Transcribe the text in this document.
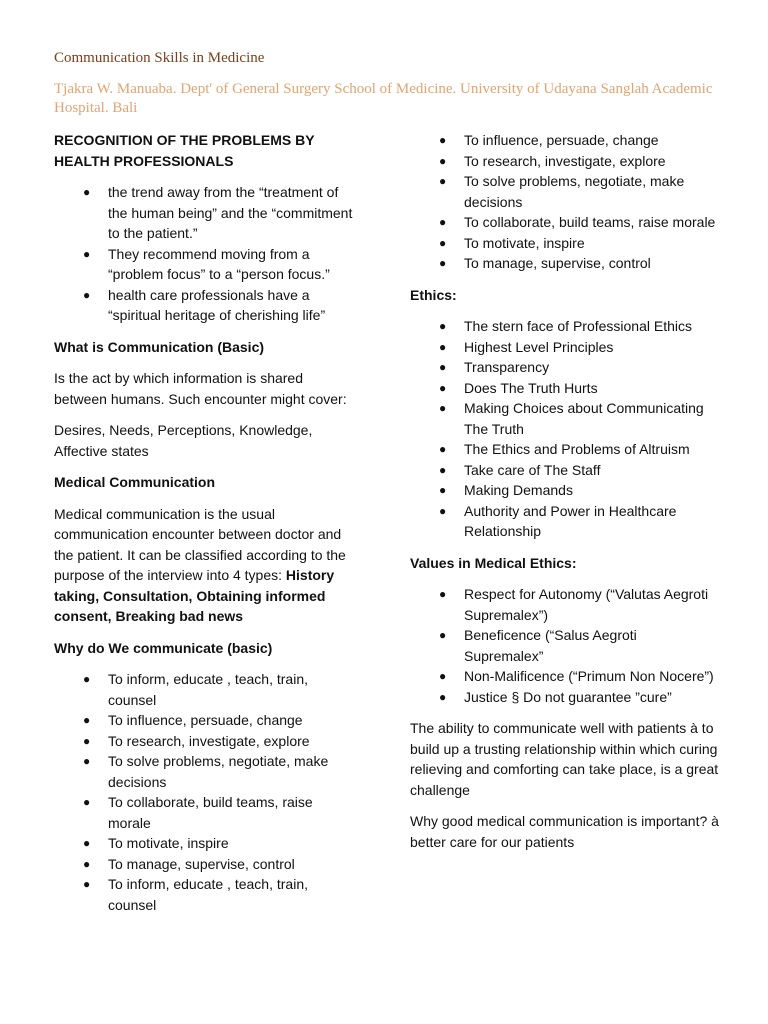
Communication Skills in Medicine

Tjakra W. Manuaba. Dept' of General Surgery School of Medicine. University of Udayana Sanglah Academic Hospital. Bali

RECOGNITION OF THE PROBLEMS BY HEALTH PROFESSIONALS
● the trend away from the “treatment of the human being” and the “commitment to the patient.”
● They recommend moving from a “problem focus” to a “person focus.”
● health care professionals have a “spiritual heritage of cherishing life”
What is Communication (Basic)

Is the act by which information is shared between humans. Such encounter might cover:

Desires, Needs, Perceptions, Knowledge, Affective states

Medical Communication

Medical communication is the usual communication encounter between doctor and the patient. It can be classified according to the purpose of the interview into 4 types: History taking, Consultation, Obtaining informed consent, Breaking bad news

Why do We communicate (basic)
● To inform, educate , teach, train, counsel
● To influence, persuade, change
● To research, investigate, explore
● To solve problems, negotiate, make decisions
● To collaborate, build teams, raise morale
● To motivate, inspire
● To manage, supervise, control
● To inform, educate , teach, train, counsel
● To influence, persuade, change
● To research, investigate, explore
● To solve problems, negotiate, make decisions
● To collaborate, build teams, raise morale
● To motivate, inspire
● To manage, supervise, control
Ethics:
● The stern face of Professional Ethics
● Highest Level Principles
● Transparency
● Does The Truth Hurts
● Making Choices about Communicating The Truth
● The Ethics and Problems of Altruism
● Take care of The Staff
● Making Demands
● Authority and Power in Healthcare Relationship
Values in Medical Ethics:
● Respect for Autonomy (“Valutas Aegroti Supremalex”)
● Beneficence (“Salus Aegroti Supremalex”
● Non-Malificence (“Primum Non Nocere”)
● Justice § Do not guarantee ”cure”

The ability to communicate well with patients à to build up a trusting relationship within which curing relieving and comforting can take place, is a great challenge

Why good medical communication is important? à better care for our patients
